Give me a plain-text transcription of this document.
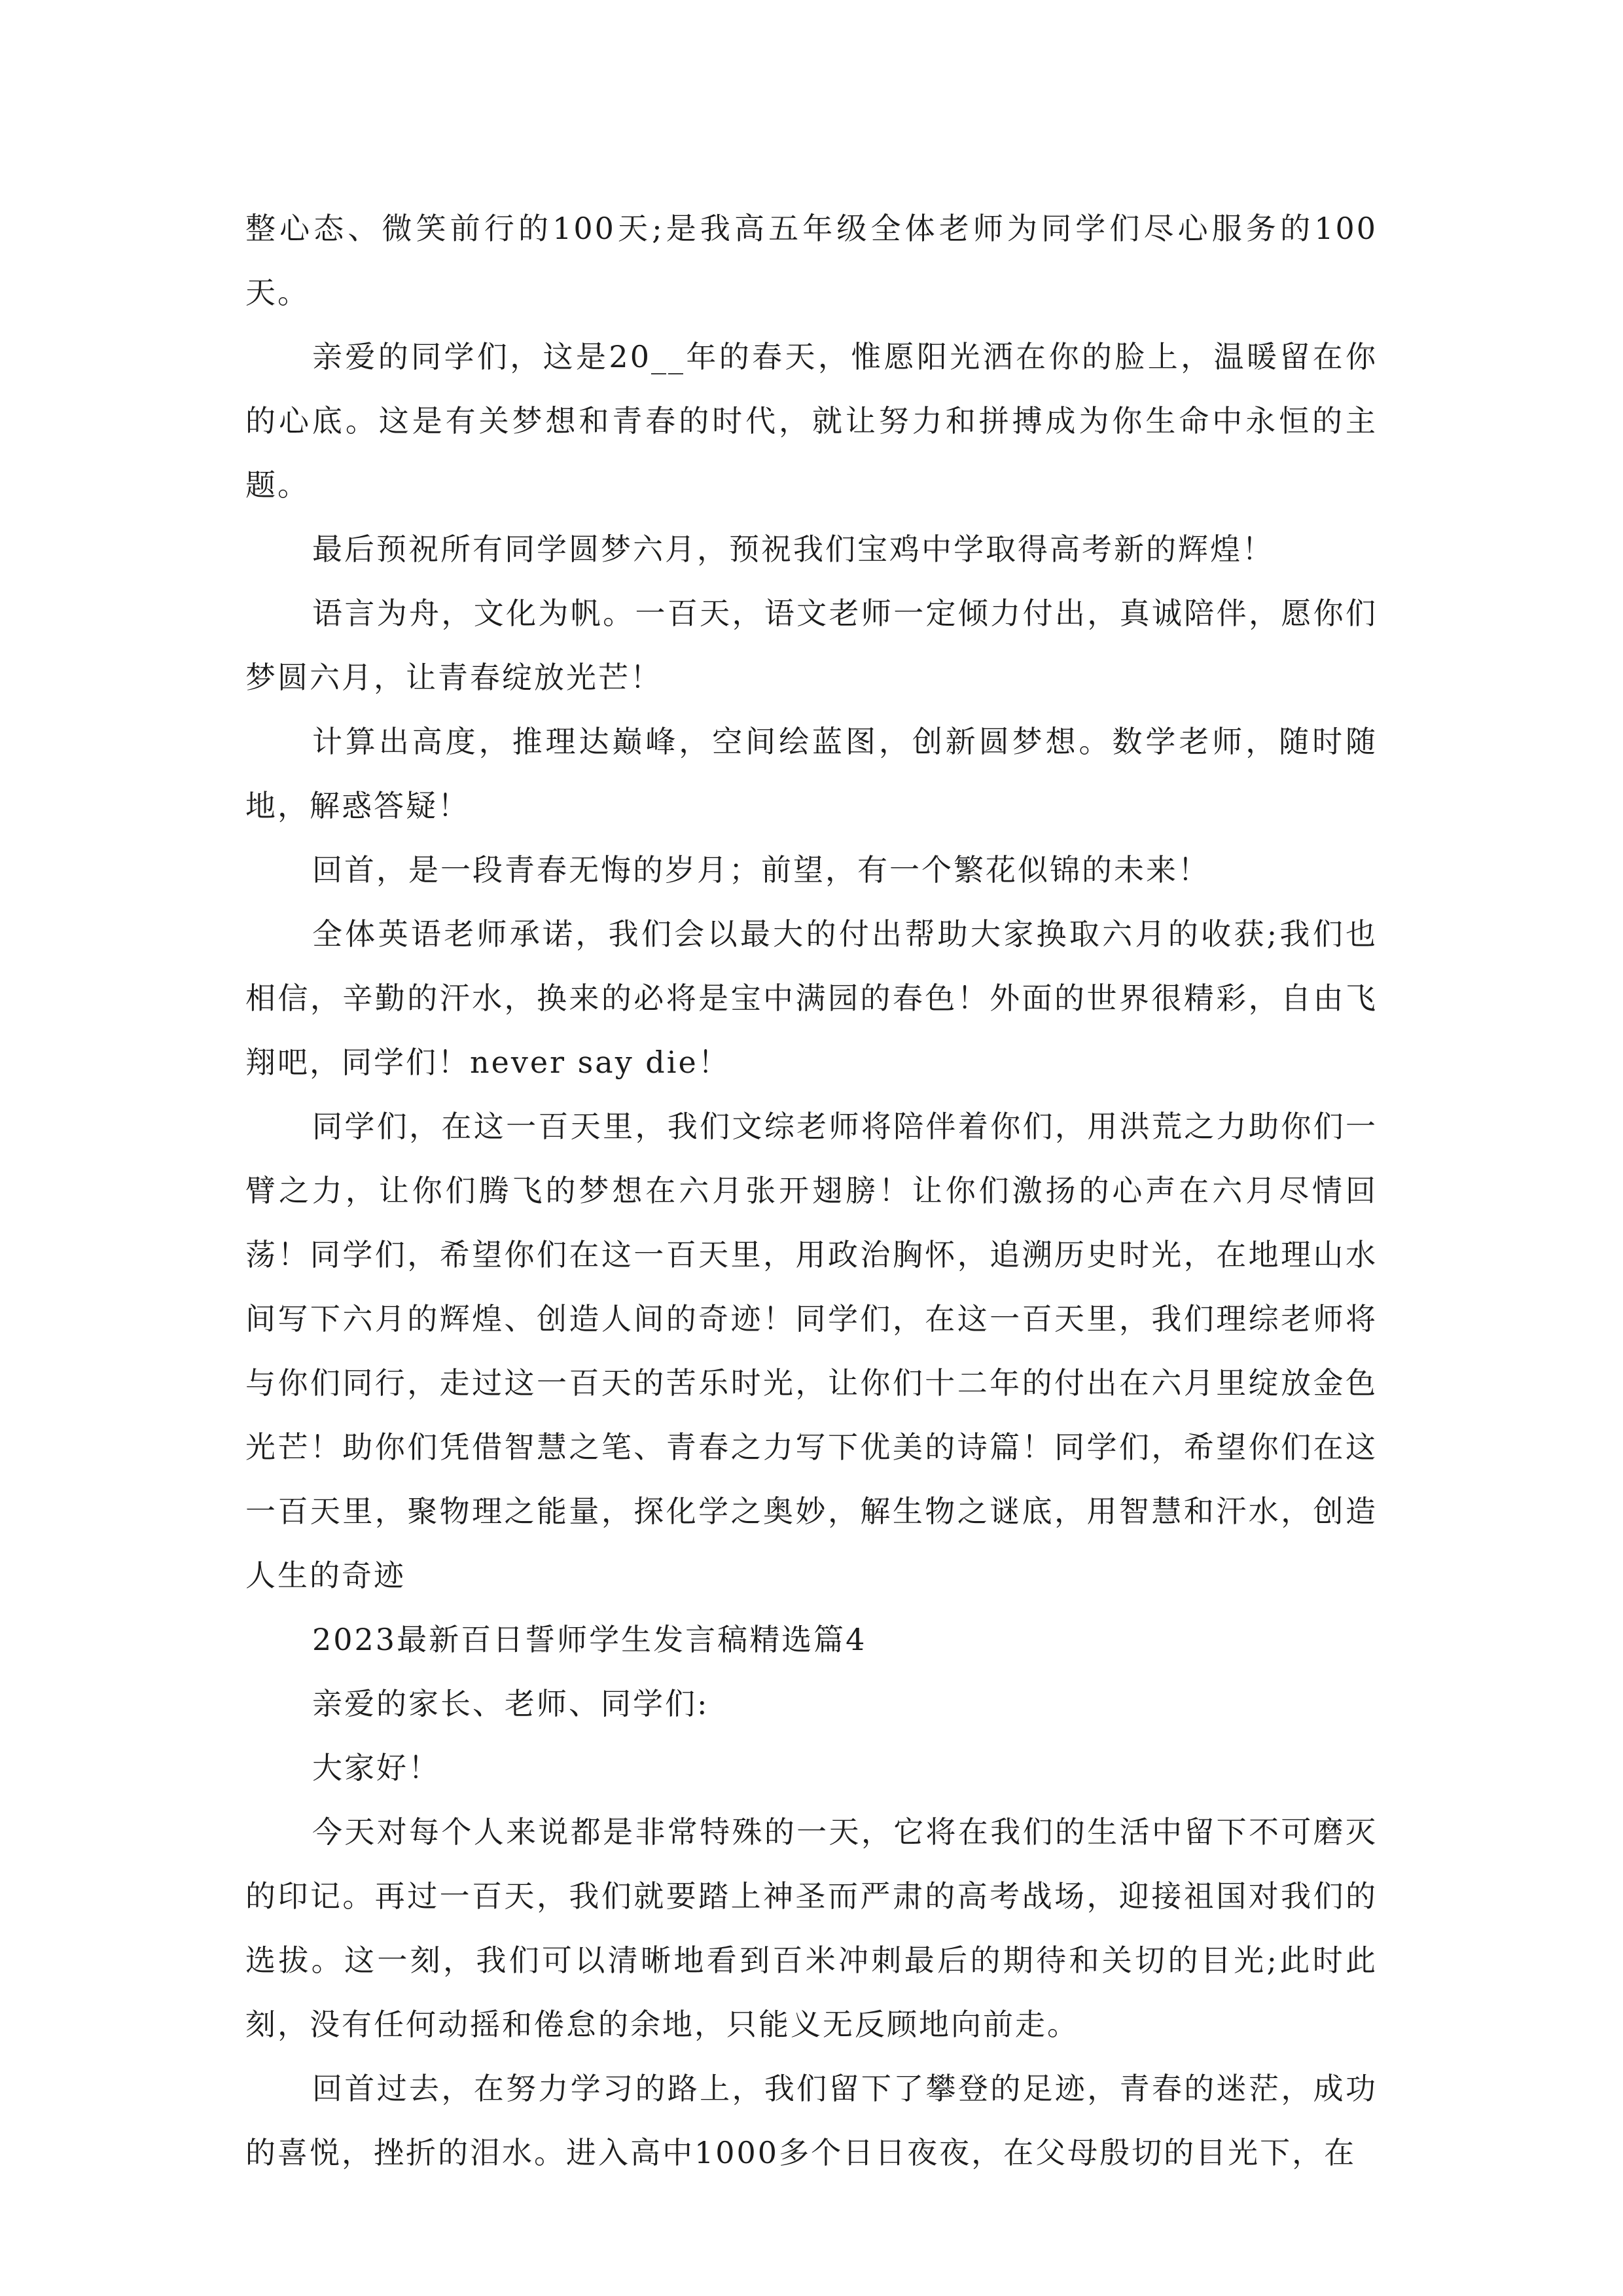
整心态、微笑前行的100天;是我高五年级全体老师为同学们尽心服务的100天。

亲爱的同学们，这是20__年的春天，惟愿阳光洒在你的脸上，温暖留在你的心底。这是有关梦想和青春的时代，就让努力和拼搏成为你生命中永恒的主题。

最后预祝所有同学圆梦六月，预祝我们宝鸡中学取得高考新的辉煌！

语言为舟，文化为帆。一百天，语文老师一定倾力付出，真诚陪伴，愿你们梦圆六月，让青春绽放光芒！

计算出高度，推理达巅峰，空间绘蓝图，创新圆梦想。数学老师，随时随地，解惑答疑！

回首，是一段青春无悔的岁月；前望，有一个繁花似锦的未来！

全体英语老师承诺，我们会以最大的付出帮助大家换取六月的收获;我们也相信，辛勤的汗水，换来的必将是宝中满园的春色！外面的世界很精彩，自由飞翔吧，同学们！never say die！

同学们，在这一百天里，我们文综老师将陪伴着你们，用洪荒之力助你们一臂之力，让你们腾飞的梦想在六月张开翅膀！让你们激扬的心声在六月尽情回荡！同学们，希望你们在这一百天里，用政治胸怀，追溯历史时光，在地理山水间写下六月的辉煌、创造人间的奇迹！同学们，在这一百天里，我们理综老师将与你们同行，走过这一百天的苦乐时光，让你们十二年的付出在六月里绽放金色光芒！助你们凭借智慧之笔、青春之力写下优美的诗篇！同学们，希望你们在这一百天里，聚物理之能量，探化学之奥妙，解生物之谜底，用智慧和汗水，创造人生的奇迹

2023最新百日誓师学生发言稿精选篇4

亲爱的家长、老师、同学们:

大家好！

今天对每个人来说都是非常特殊的一天，它将在我们的生活中留下不可磨灭的印记。再过一百天，我们就要踏上神圣而严肃的高考战场，迎接祖国对我们的选拔。这一刻，我们可以清晰地看到百米冲刺最后的期待和关切的目光;此时此刻，没有任何动摇和倦怠的余地，只能义无反顾地向前走。

回首过去，在努力学习的路上，我们留下了攀登的足迹，青春的迷茫，成功的喜悦，挫折的泪水。进入高中1000多个日日夜夜，在父母殷切的目光下，在
